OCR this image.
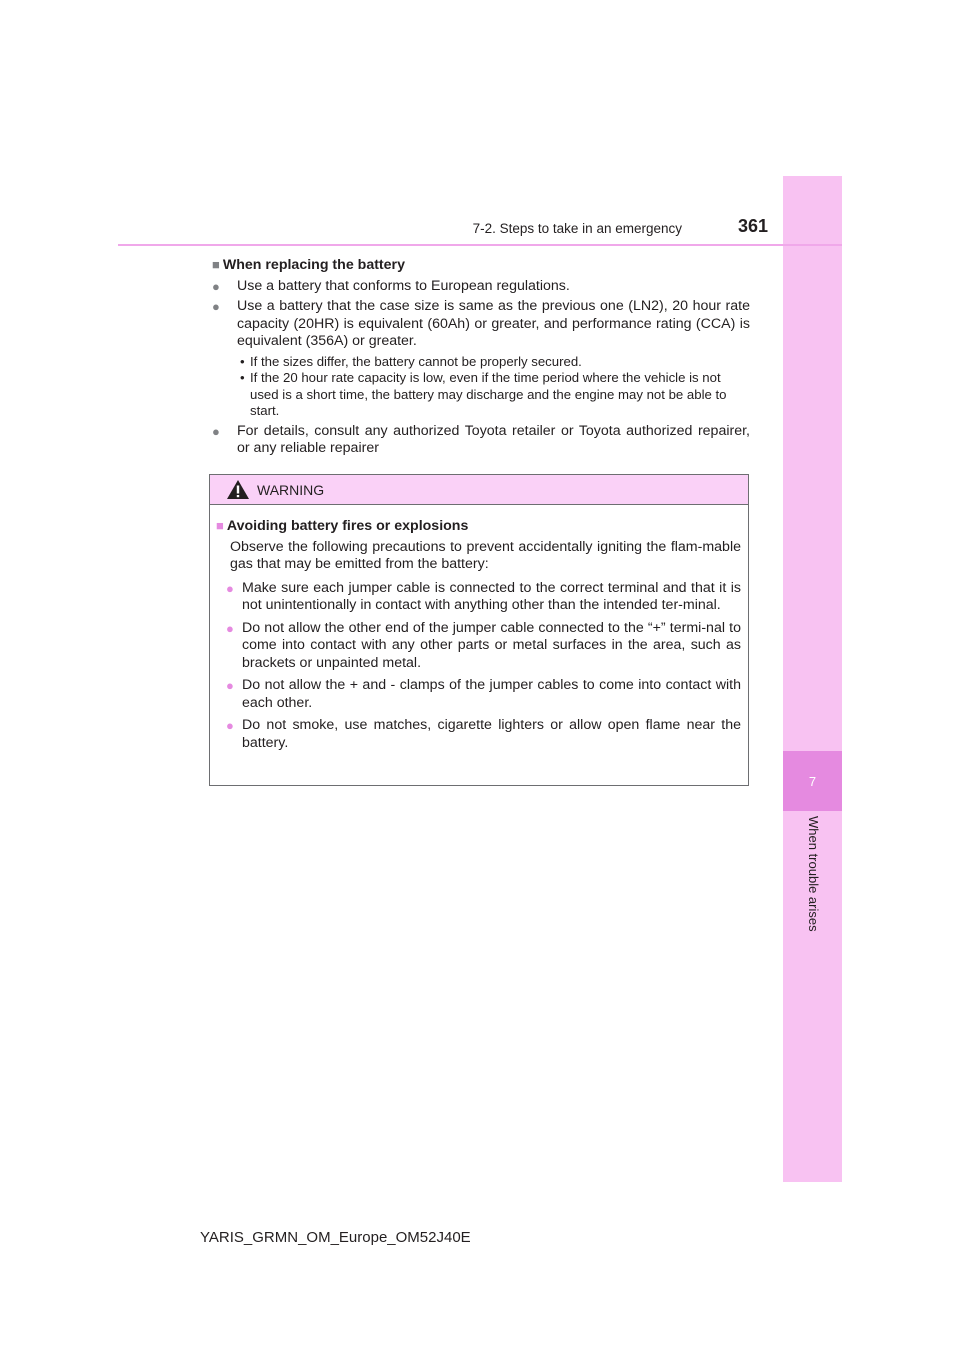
7
When trouble arises
7-2. Steps to take in an emergency	361
■ When replacing the battery
● Use a battery that conforms to European regulations.
● Use a battery that the case size is same as the previous one (LN2), 20 hour rate capacity (20HR) is equivalent (60Ah) or greater, and performance rating (CCA) is equivalent (356A) or greater.
• If the sizes differ, the battery cannot be properly secured.
• If the 20 hour rate capacity is low, even if the time period where the vehicle is not used is a short time, the battery may discharge and the engine may not be able to start.
● For details, consult any authorized Toyota retailer or Toyota authorized repairer, or any reliable repairer
WARNING
■ Avoiding battery fires or explosions
Observe the following precautions to prevent accidentally igniting the flam-mable gas that may be emitted from the battery:
● Make sure each jumper cable is connected to the correct terminal and that it is not unintentionally in contact with anything other than the intended ter-minal.
● Do not allow the other end of the jumper cable connected to the “+” termi-nal to come into contact with any other parts or metal surfaces in the area, such as brackets or unpainted metal.
● Do not allow the + and - clamps of the jumper cables to come into contact with each other.
● Do not smoke, use matches, cigarette lighters or allow open flame near the battery.
YARIS_GRMN_OM_Europe_OM52J40E
